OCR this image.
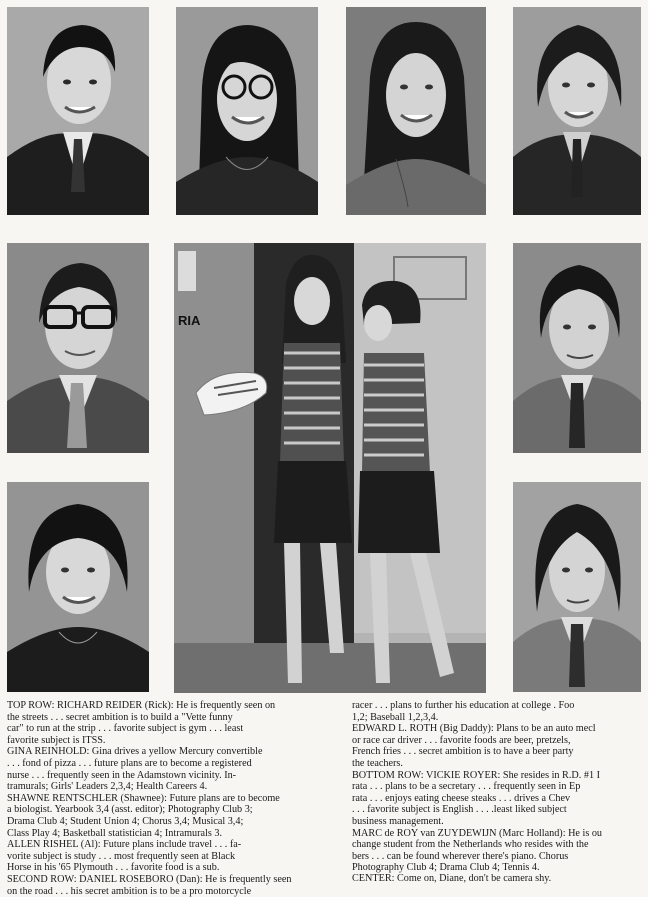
RIA
TOP ROW: RICHARD REIDER (Rick): He is frequently seen on
the streets . . . secret ambition is to build a "Vette funny
car" to run at the strip . . . favorite subject is gym . . . least
favorite subject is ITSS.
GINA REINHOLD: Gina drives a yellow Mercury convertible
. . . fond of pizza . . . future plans are to become a registered
nurse . . . frequently seen in the Adamstown vicinity. In-
tramurals; Girls' Leaders 2,3,4; Health Careers 4.
SHAWNE RENTSCHLER (Shawnee): Future plans are to become
a biologist. Yearbook 3,4 (asst. editor); Photography Club 3;
Drama Club 4; Student Union 4; Chorus 3,4; Musical 3,4;
Class Play 4; Basketball statistician 4; Intramurals 3.
ALLEN RISHEL (Al): Future plans include travel . . . fa-
vorite subject is study . . . most frequently seen at Black
Horse in his '65 Plymouth . . . favorite food is a sub.
SECOND ROW: DANIEL ROSEBORO (Dan): He is frequently seen
on the road . . . his secret ambition is to be a pro motorcycle
racer . . . plans to further his education at college . Foo
1,2; Baseball 1,2,3,4.
EDWARD L. ROTH (Big Daddy): Plans to be an auto mecl
or race car driver . . . favorite foods are beer, pretzels,
French fries . . . secret ambition is to have a beer party
the teachers.
BOTTOM ROW: VICKIE ROYER: She resides in R.D. #1 I
rata . . . plans to be a secretary . . . frequently seen in Ep
rata . . . enjoys eating cheese steaks . . . drives a Chev
. . . favorite subject is English . . . .least liked subject
business management.
MARC de ROY van ZUYDEWIJN (Marc Holland): He is ou
change student from the Netherlands who resides with the
bers . . . can be found wherever there's piano. Chorus
Photography Club 4; Drama Club 4; Tennis 4.
CENTER: Come on, Diane, don't be camera shy.
